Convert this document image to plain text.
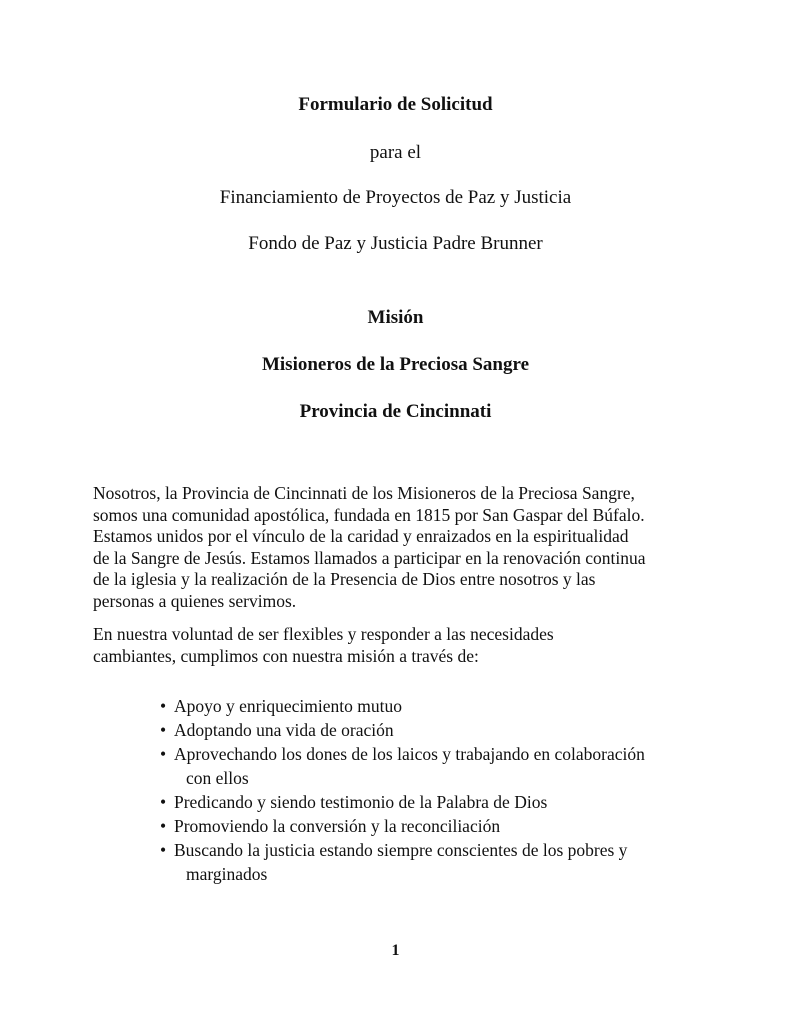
Formulario de Solicitud
para el
Financiamiento de Proyectos de Paz y Justicia
Fondo de Paz y Justicia Padre Brunner
Misión
Misioneros de la Preciosa Sangre
Provincia de Cincinnati
Nosotros, la Provincia de Cincinnati de los Misioneros de la Preciosa Sangre,
somos una comunidad apostólica, fundada en 1815 por San Gaspar del Búfalo.
Estamos unidos por el vínculo de la caridad y enraizados en la espiritualidad
de la Sangre de Jesús. Estamos llamados a participar en la renovación continua
de la iglesia y la realización de la Presencia de Dios entre nosotros y las
personas a quienes servimos.
En nuestra voluntad de ser flexibles y responder a las necesidades
cambiantes, cumplimos con nuestra misión a través de:
• Apoyo y enriquecimiento mutuo
• Adoptando una vida de oración
• Aprovechando los dones de los laicos y trabajando en colaboración
con ellos
• Predicando y siendo testimonio de la Palabra de Dios
• Promoviendo la conversión y la reconciliación
• Buscando la justicia estando siempre conscientes de los pobres y
marginados
1
